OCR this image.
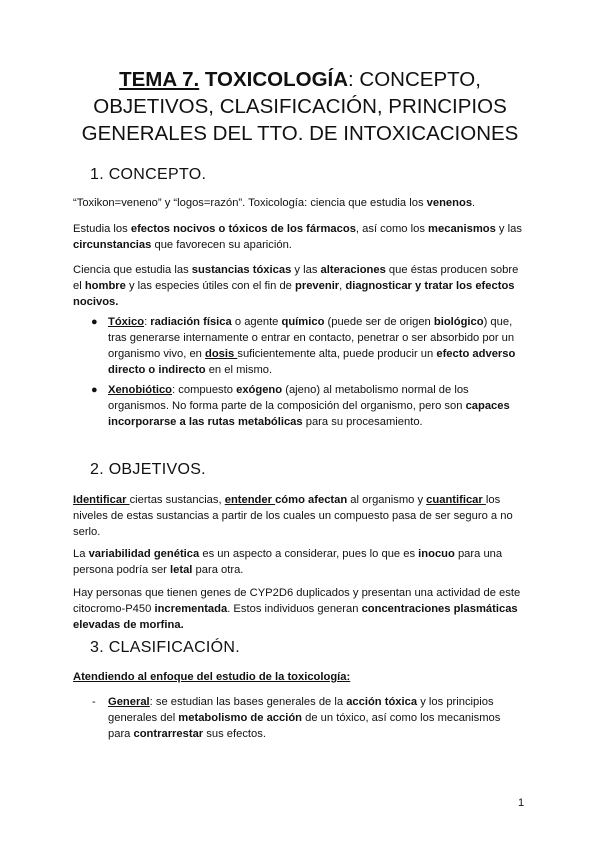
TEMA 7. TOXICOLOGÍA: CONCEPTO,
OBJETIVOS, CLASIFICACIÓN, PRINCIPIOS
GENERALES DEL TTO. DE INTOXICACIONES
1. CONCEPTO.

“Toxikon=veneno” y “logos=razón”. Toxicología: ciencia que estudia los venenos.

Estudia los efectos nocivos o tóxicos de los fármacos, así como los mecanismos y las circunstancias que favorecen su aparición.

Ciencia que estudia las sustancias tóxicas y las alteraciones que éstas producen sobre el hombre y las especies útiles con el fin de prevenir, diagnosticar y tratar los efectos nocivos.

● Tóxico: radiación física o agente químico (puede ser de origen biológico) que, tras generarse internamente o entrar en contacto, penetrar o ser absorbido por un organismo vivo, en dosis suficientemente alta, puede producir un efecto adverso directo o indirecto en el mismo.

● Xenobiótico: compuesto exógeno (ajeno) al metabolismo normal de los organismos. No forma parte de la composición del organismo, pero son capaces incorporarse a las rutas metabólicas para su procesamiento.

2. OBJETIVOS.

Identificar ciertas sustancias, entender cómo afectan al organismo y cuantificar los niveles de estas sustancias a partir de los cuales un compuesto pasa de ser seguro a no serlo.

La variabilidad genética es un aspecto a considerar, pues lo que es inocuo para una persona podría ser letal para otra.

Hay personas que tienen genes de CYP2D6 duplicados y presentan una actividad de este citocromo-P450 incrementada. Estos individuos generan concentraciones plasmáticas elevadas de morfina.

3. CLASIFICACIÓN.

Atendiendo al enfoque del estudio de la toxicología:

-	General: se estudian las bases generales de la acción tóxica y los principios generales del metabolismo de acción de un tóxico, así como los mecanismos para contrarrestar sus efectos.

1
